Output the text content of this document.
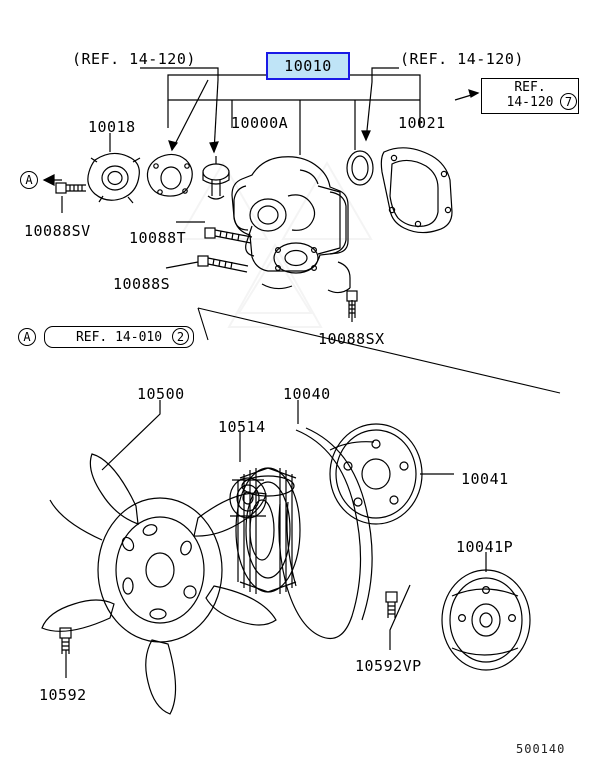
10010
(REF. 14-120)	(REF. 14-120)
REF.
14-120 7
A
A	REF. 14-010	2
10018	10000A	10021
10088SV	10088T
10088S
10088SX
10500
10514
10040
10041
10041P
10592VP
10592
500140
